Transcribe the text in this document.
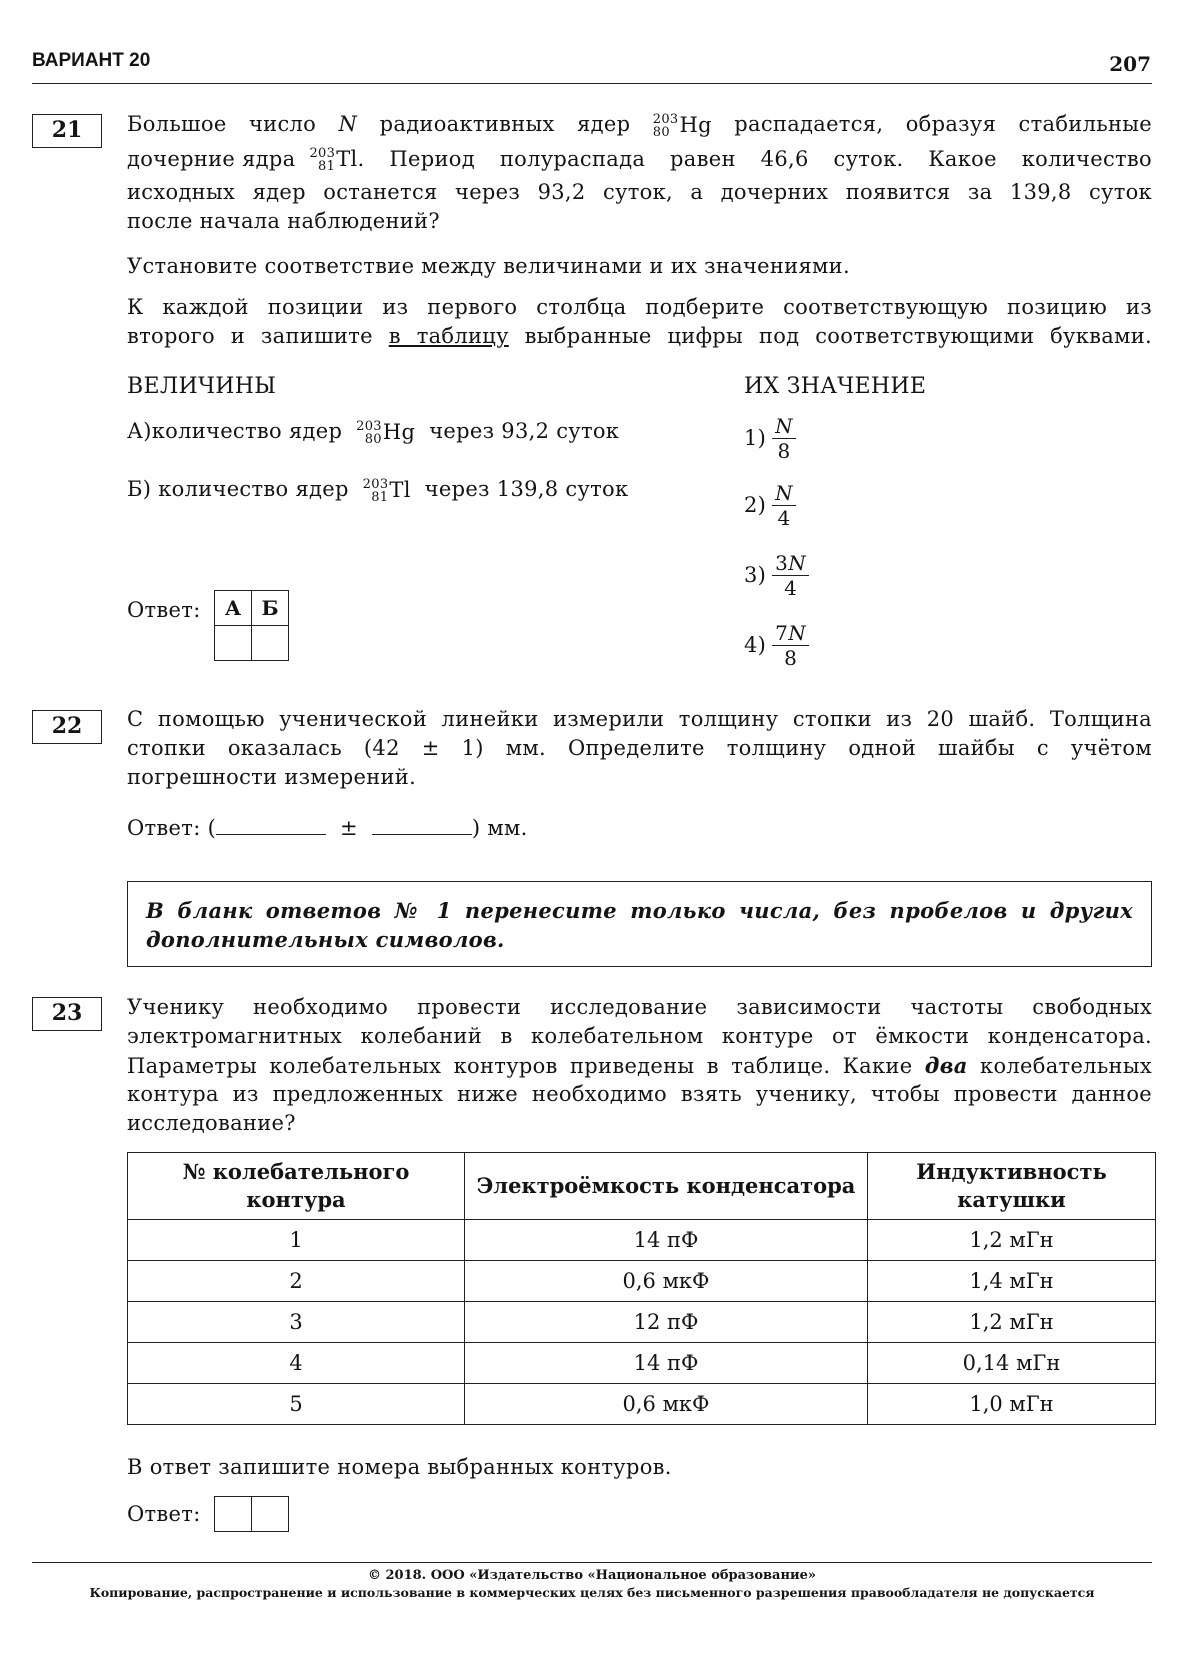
ВАРИАНТ 20	207
21	Большое число N радиоактивных ядер 203
80 Hg распадается, образуя стабильные
дочерние ядра 203
81 Tl . Период полураспада равен 46,6 суток. Какое количество
исходных ядер останется через 93,2 суток, а дочерних появится за 139,8 суток
после начала наблюдений?
Установите соответствие между величинами и их значениями.
К каждой позиции из первого столбца подберите соответствующую позицию из
второго и запишите в таблицу выбранные цифры под соответствующими буквами.
ВЕЛИЧИНЫ	ИХ ЗНАЧЕНИЕ
А)количество ядер 203
80 Hg через 93,2 суток
Б) количество ядер 203
81 Tl через 139,8 суток
$1) \frac{N}{8}$
$2) \frac{N}{4}$
$3) \frac{3N}{4}$
$4) \frac{7N}{8}$
Ответ: А	Б

22	С помощью ученической линейки измерили толщину стопки из 20 шайб. Толщина
стопки оказалась (42 ± 1) мм. Определите толщину одной шайбы с учётом
погрешности измерений.
Ответ: (	±	) мм.
В бланк ответов № 1 перенесите только числа, без пробелов и других
дополнительных символов.
23	Ученику необходимо провести исследование зависимости частоты свободных
электромагнитных колебаний в колебательном контуре от ёмкости конденсатора.
Параметры колебательных контуров приведены в таблице. Какие два колебательных
контура из предложенных ниже необходимо взять ученику, чтобы провести данное
исследование?
№ колебательного контура	Электроёмкость конденсатора	Индуктивность катушки
1	14 пФ	1,2 мГн
2	0,6 мкФ	1,4 мГн
3	12 пФ	1,2 мГн
4	14 пФ	0,14 мГн
5	0,6 мкФ	1,0 мГн
В ответ запишите номера выбранных контуров.
Ответ:

© 2018. ООО «Издательство «Национальное образование»
Копирование, распространение и использование в коммерческих целях без письменного разрешения правообладателя не допускается
